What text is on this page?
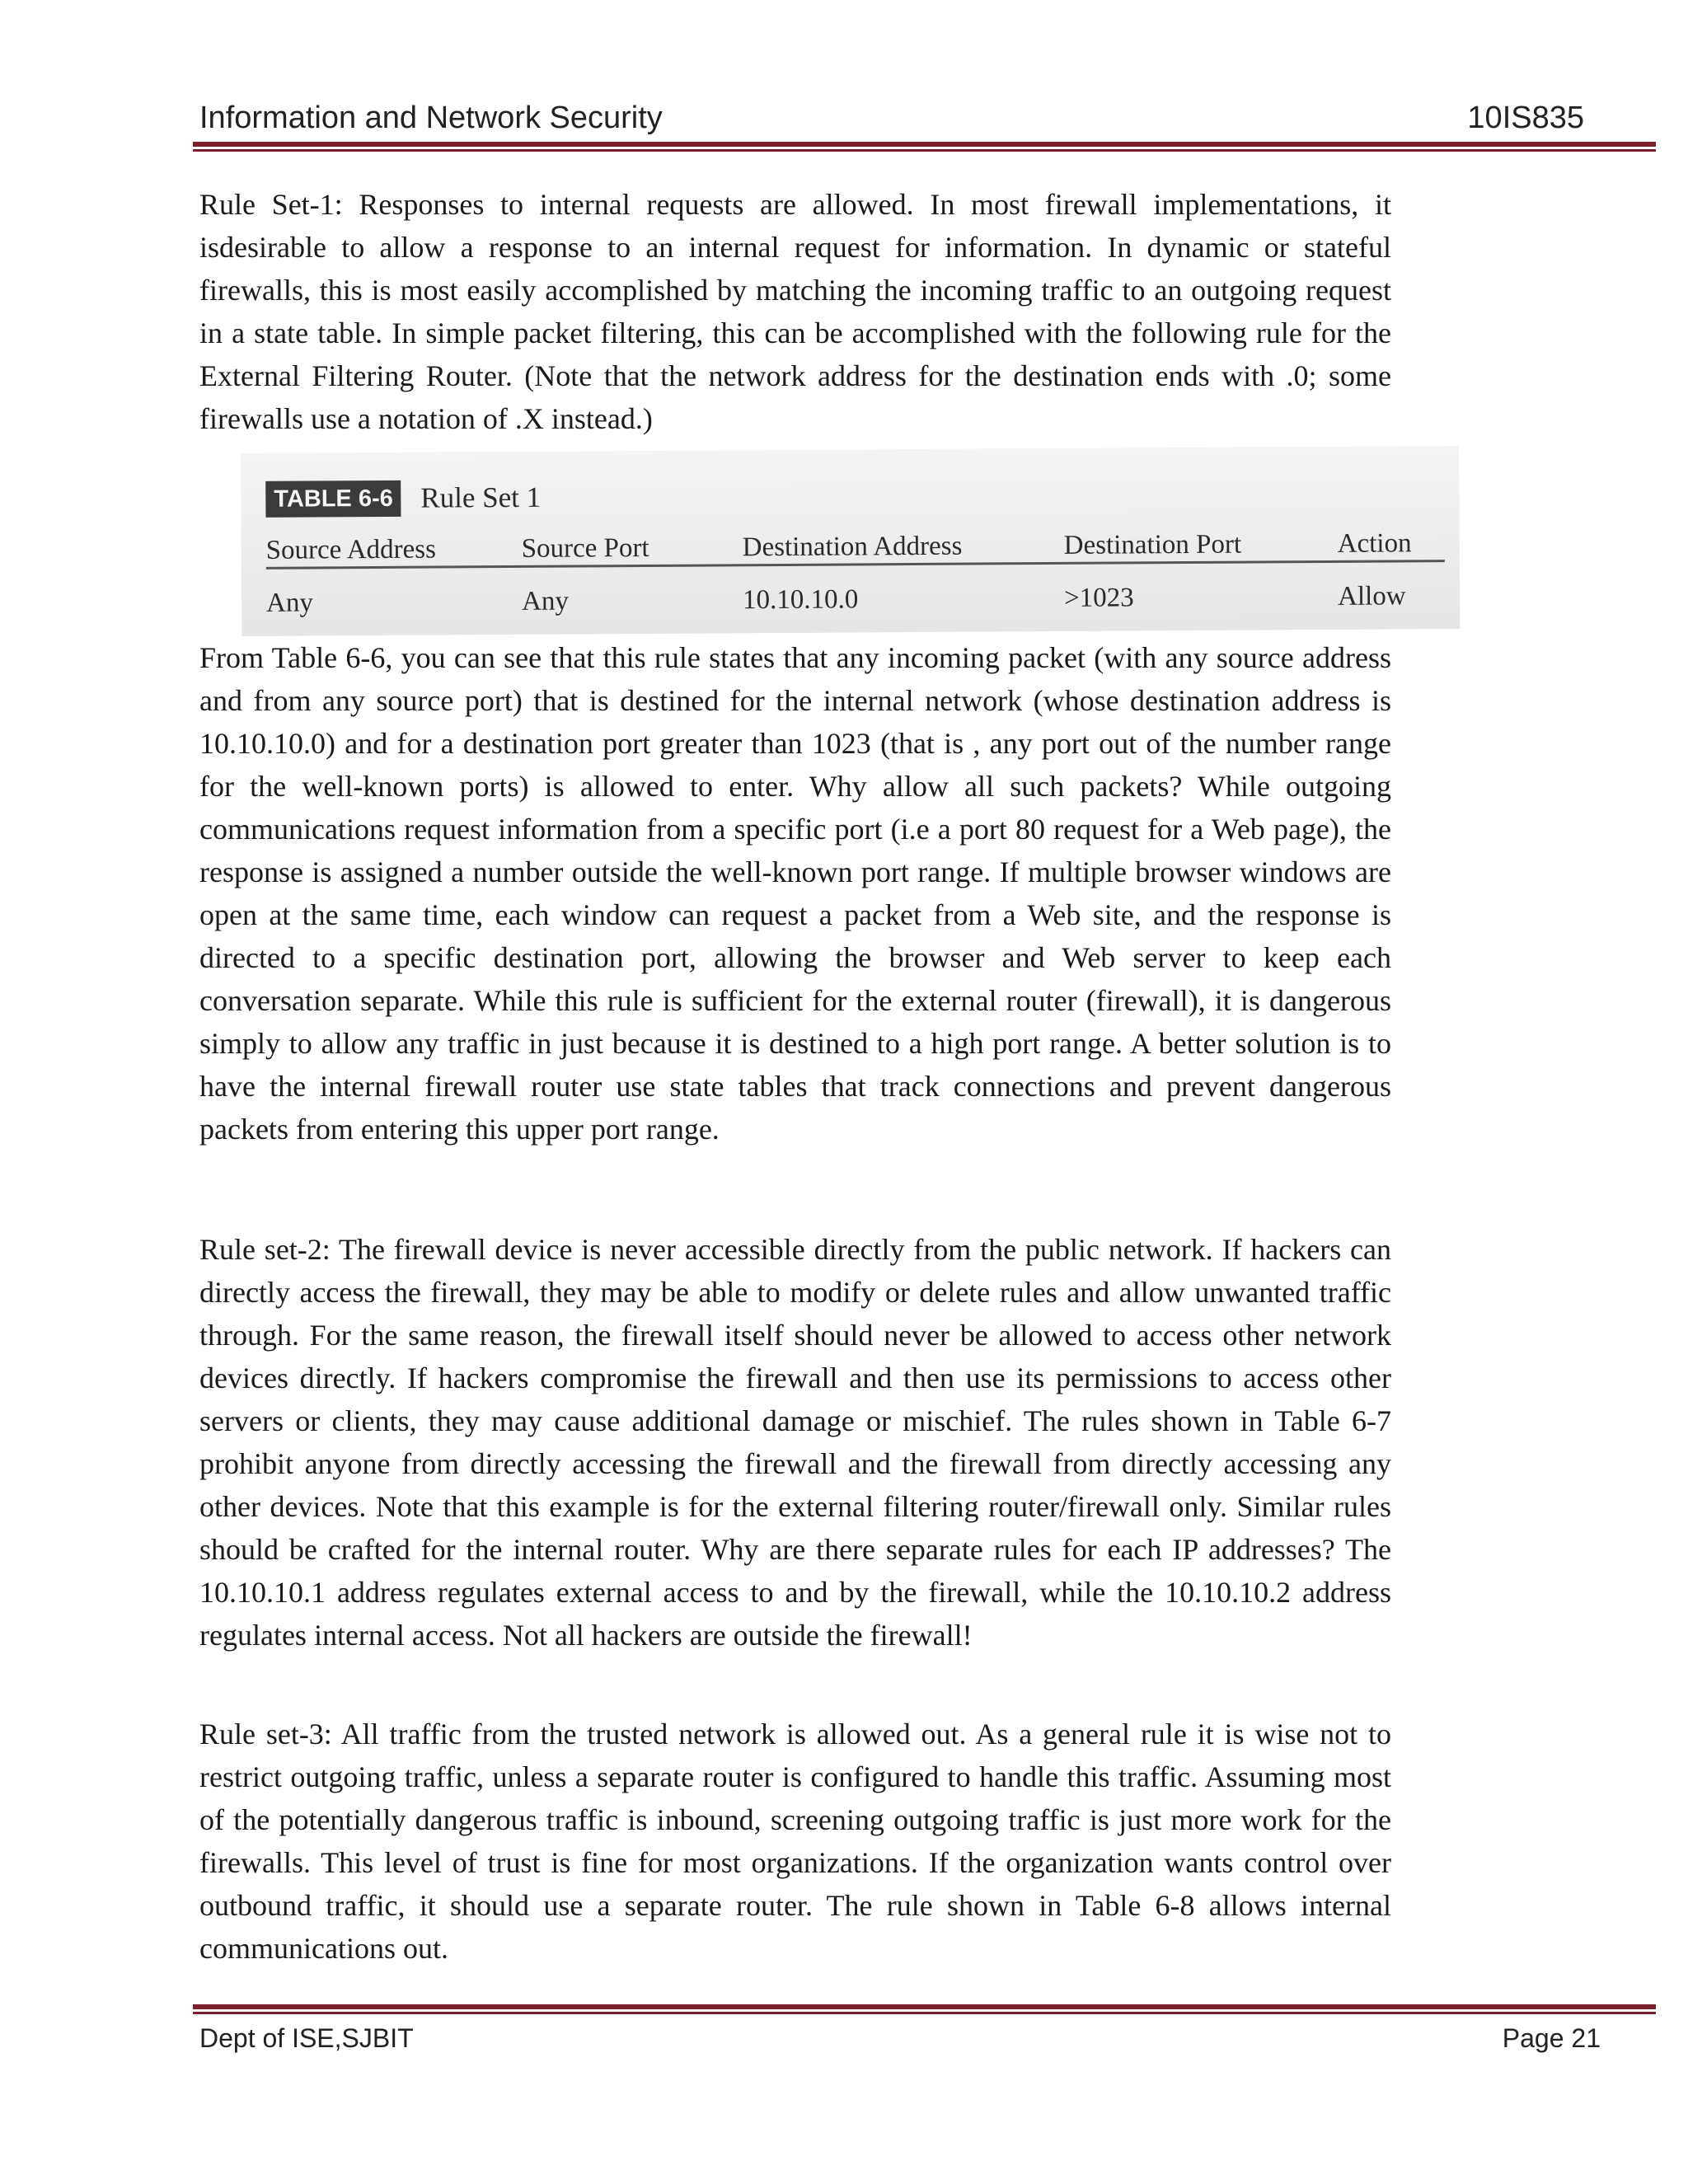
Information and Network Security	10IS835

Rule Set-1: Responses to internal requests are allowed. In most firewall implementations, it isdesirable to allow a response to an internal request for information. In dynamic or stateful firewalls, this is most easily accomplished by matching the incoming traffic to an outgoing request in a state table. In simple packet filtering, this can be accomplished with the following rule for the External Filtering Router. (Note that the network address for the destination ends with .0; some firewalls use a notation of .X instead.)

TABLE 6-6 Rule Set 1
Source Address	Source Port	Destination Address	Destination Port	Action
Any	Any	10.10.10.0	>1023	Allow

From Table 6-6, you can see that this rule states that any incoming packet (with any source address and from any source port) that is destined for the internal network (whose destination address is 10.10.10.0) and for a destination port greater than 1023 (that is , any port out of the number range for the well-known ports) is allowed to enter. Why allow all such packets? While outgoing communications request information from a specific port (i.e a port 80 request for a Web page), the response is assigned a number outside the well-known port range. If multiple browser windows are open at the same time, each window can request a packet from a Web site, and the response is directed to a specific destination port, allowing the browser and Web server to keep each conversation separate. While this rule is sufficient for the external router (firewall), it is dangerous simply to allow any traffic in just because it is destined to a high port range. A better solution is to have the internal firewall router use state tables that track connections and prevent dangerous packets from entering this upper port range.

Rule set-2: The firewall device is never accessible directly from the public network. If hackers can directly access the firewall, they may be able to modify or delete rules and allow unwanted traffic through. For the same reason, the firewall itself should never be allowed to access other network devices directly. If hackers compromise the firewall and then use its permissions to access other servers or clients, they may cause additional damage or mischief. The rules shown in Table 6-7 prohibit anyone from directly accessing the firewall and the firewall from directly accessing any other devices. Note that this example is for the external filtering router/firewall only. Similar rules should be crafted for the internal router. Why are there separate rules for each IP addresses? The 10.10.10.1 address regulates external access to and by the firewall, while the 10.10.10.2 address regulates internal access. Not all hackers are outside the firewall!

Rule set-3: All traffic from the trusted network is allowed out. As a general rule it is wise not to restrict outgoing traffic, unless a separate router is configured to handle this traffic. Assuming most of the potentially dangerous traffic is inbound, screening outgoing traffic is just more work for the firewalls. This level of trust is fine for most organizations. If the organization wants control over outbound traffic, it should use a separate router. The rule shown in Table 6-8 allows internal communications out.

Dept of ISE,SJBIT	Page 21
